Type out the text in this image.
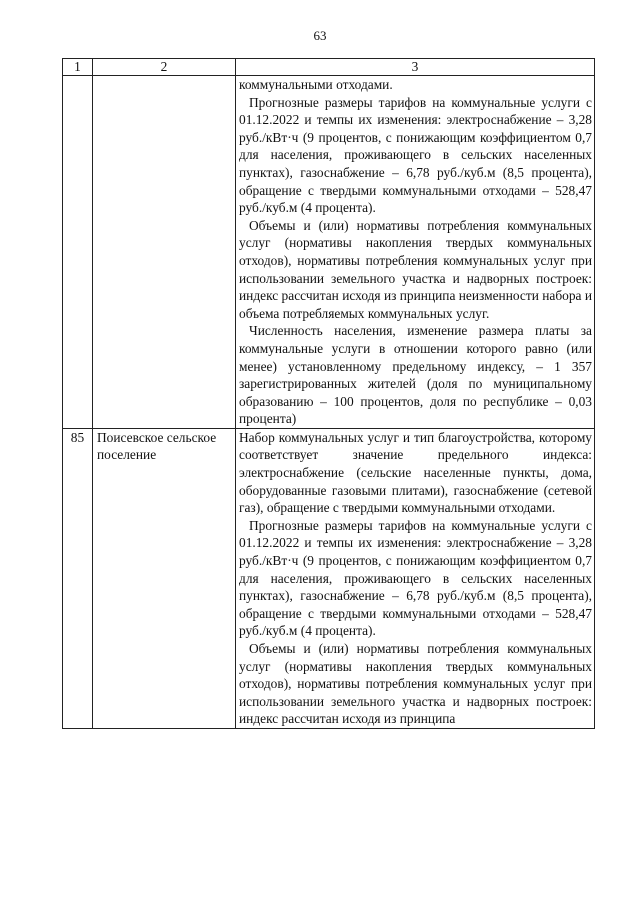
63
1	2	3

		коммунальными отходами.

Прогнозные размеры тарифов на коммунальные услуги с 01.12.2022 и темпы их изменения: электроснабжение – 3,28 руб./кВт·ч (9 процентов, с понижающим коэффициентом 0,7 для населения, проживающего в сельских населенных пунктах), газоснабжение – 6,78 руб./куб.м (8,5 процента), обращение с твердыми коммунальными отходами – 528,47 руб./куб.м (4 процента).

Объемы и (или) нормативы потребления коммунальных услуг (нормативы накопления твердых коммунальных отходов), нормативы потребления коммунальных услуг при использовании земельного участка и надворных построек: индекс рассчитан исходя из принципа неизменности набора и объема потребляемых коммунальных услуг.

Численность населения, изменение размера платы за коммунальные услуги в отношении которого равно (или менее) установленному предельному индексу, – 1 357 зарегистрированных жителей (доля по муниципальному образованию – 100 процентов, доля по республике – 0,03 процента)

85	Поисевское сельское поселение	Набор коммунальных услуг и тип благоустройства, которому соответствует значение предельного индекса: электроснабжение (сельские населенные пункты, дома, оборудованные газовыми плитами), газоснабжение (сетевой газ), обращение с твердыми коммунальными отходами.

Прогнозные размеры тарифов на коммунальные услуги с 01.12.2022 и темпы их изменения: электроснабжение – 3,28 руб./кВт·ч (9 процентов, с понижающим коэффициентом 0,7 для населения, проживающего в сельских населенных пунктах), газоснабжение – 6,78 руб./куб.м (8,5 процента), обращение с твердыми коммунальными отходами – 528,47 руб./куб.м (4 процента).

Объемы и (или) нормативы потребления коммунальных услуг (нормативы накопления твердых коммунальных отходов), нормативы потребления коммунальных услуг при использовании земельного участка и надворных построек: индекс рассчитан исходя из принципа
